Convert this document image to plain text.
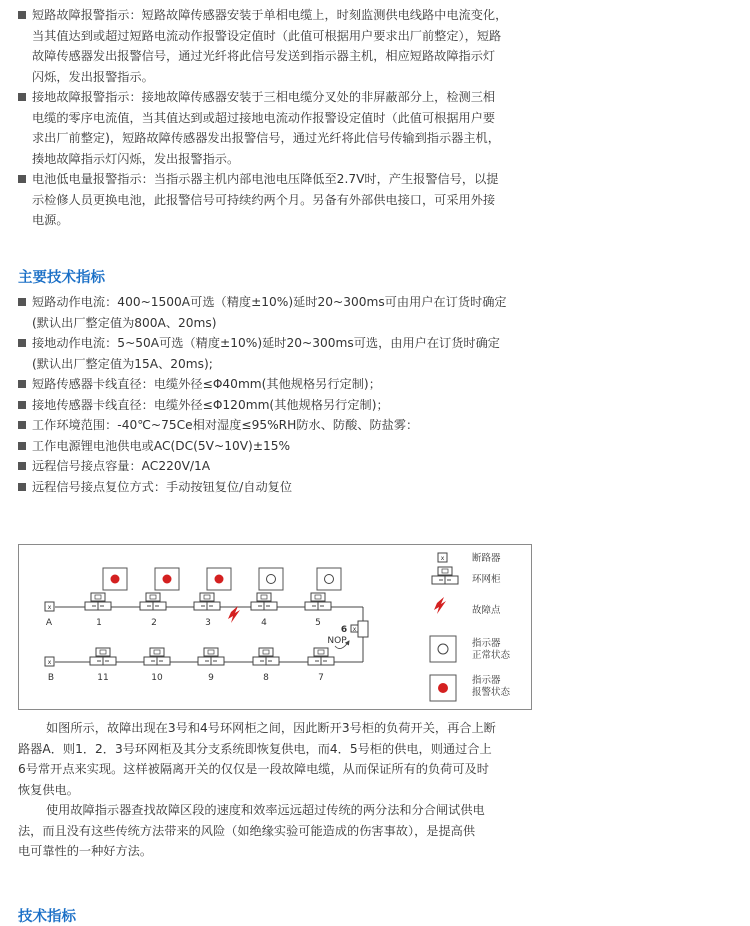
短路故障报警指示：短路故障传感器安装于单相电缆上，时刻监测供电线路中电流变化，
当其值达到或超过短路电流动作报警设定值时（此值可根据用户要求出厂前整定），短路
故障传感器发出报警信号，通过光纤将此信号发送到指示器主机，相应短路故障指示灯
闪烁，发出报警指示。
接地故障报警指示：接地故障传感器安装于三相电缆分叉处的非屏蔽部分上，检测三相
电缆的零序电流值，当其值达到或超过接地电流动作报警设定值时（此值可根据用户要
求出厂前整定)，短路故障传感器发出报警信号，通过光纤将此信号传输到指示器主机，
揍地故障指示灯闪烁，发出报警指示。
电池低电量报警指示：当指示器主机内部电池电压降低至2.7V时，产生报警信号，以提
示检修人员更换电池，此报警信号可持续约两个月。另备有外部供电接口，可采用外接
电源。
主要技术指标
短路动作电流：400~1500A可选（精度±10%)延时20~300ms可由用户在订货时确定
(默认出厂整定值为800A、20ms)
接地动作电流：5~50A可选（精度±10%)延时20~300ms可选，由用户在订货时确定
(默认出厂整定值为15A、20ms);
短路传感器卡线直径：电缆外径≤Φ40mm(其他规格另行定制)；
接地传感器卡线直径：电缆外径≤Φ120mm(其他规格另行定制)；
工作环境范围：-40℃~75Ce相对湿度≤95%RH防水、防酸、防盐雾：
工作电源锂电池供电或AC(DC(5V~10V)±15%
远程信号接点容量：AC220V/1A
远程信号接点复位方式：手动按钮复位/自动复位
x
A
x
B
1	2	3	4	5
x
6
NOP
11	10	9	8	7
x	断路器
环网柜
故障点
指示器
正常状态
指示器
报警状态
如图所示，故障出现在3号和4号环网柜之间，因此断开3号柜的负荷开关，再合上断
路器A．则1．2．3号环网柜及其分支系统即恢复供电，而4．5号柜的供电，则通过合上
6号常开点来实现。这样被隔离开关的仅仅是一段故障电缆，从而保证所有的负荷可及时
恢复供电。
使用故障指示器查找故障区段的速度和效率远远超过传统的两分法和分合闸试供电
法，而且没有这些传统方法带来的风险（如绝缘实验可能造成的伤害事故），是提高供
电可靠性的一种好方法。
技术指标
